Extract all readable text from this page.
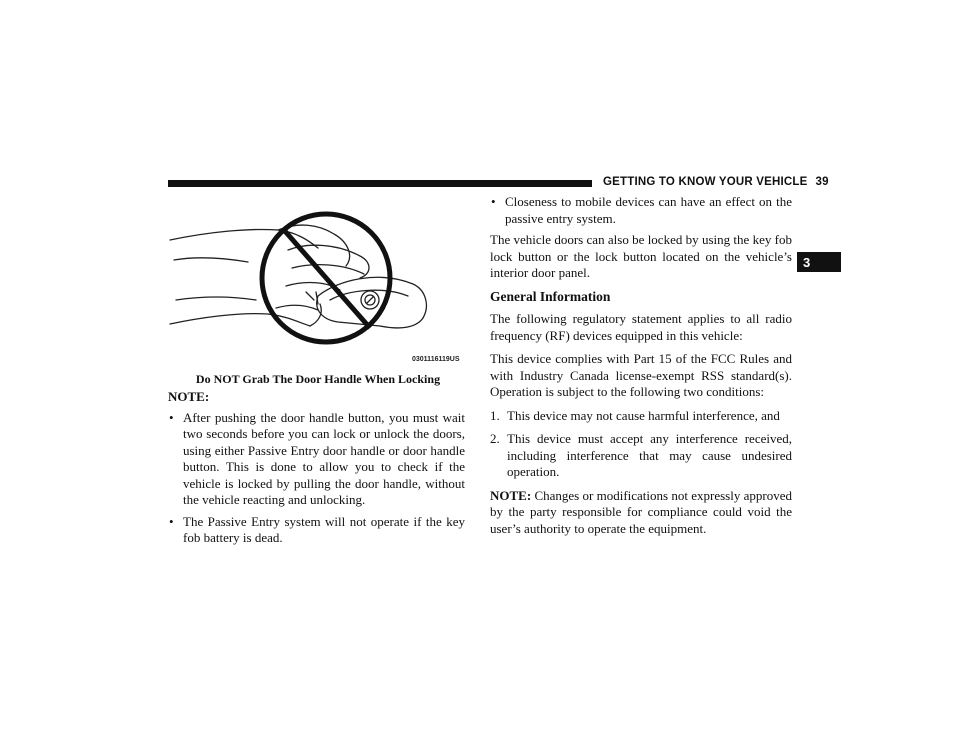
GETTING TO KNOW YOUR VEHICLE 39
3
0301116119US
Do NOT Grab The Door Handle When Locking
NOTE:
• After pushing the door handle button, you must wait two seconds before you can lock or unlock the doors, using either Passive Entry door handle or door handle button. This is done to allow you to check if the vehicle is locked by pulling the door handle, without the vehicle reacting and unlocking.
• The Passive Entry system will not operate if the key fob battery is dead.
• Closeness to mobile devices can have an effect on the passive entry system.

The vehicle doors can also be locked by using the key fob lock button or the lock button located on the vehicle’s interior door panel.

General Information

The following regulatory statement applies to all radio frequency (RF) devices equipped in this vehicle:

This device complies with Part 15 of the FCC Rules and with Industry Canada license-exempt RSS standard(s). Operation is subject to the following two conditions:

1. This device may not cause harmful interference, and
2. This device must accept any interference received, including interference that may cause undesired operation.

NOTE: Changes or modifications not expressly approved by the party responsible for compliance could void the user’s authority to operate the equipment.
